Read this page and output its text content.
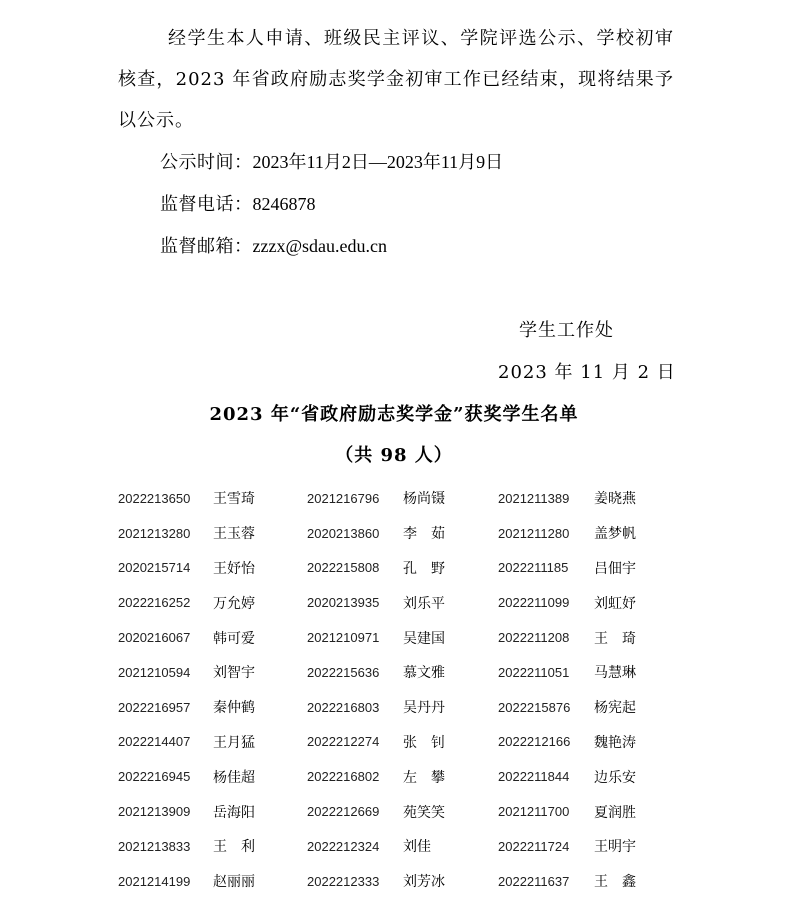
经学生本人申请、班级民主评议、学院评选公示、学校初审核查，2023 年省政府励志奖学金初审工作已经结束，现将结果予以公示。
公示时间：2023年11月2日—2023年11月9日
监督电话：8246878
监督邮箱：zzzx@sdau.edu.cn
学生工作处
2023 年 11 月 2 日
2023 年“省政府励志奖学金”获奖学生名单
（共 98 人）
2022213650	王雪琦	2021216796	杨尚镊	2021211389	姜晓燕
2021213280	王玉蓉	2020213860	李　茹	2021211280	盖梦帆
2020215714	王妤怡	2022215808	孔　野	2022211185	吕佃宇
2022216252	万允婷	2020213935	刘乐平	2022211099	刘虹妤
2020216067	韩可爱	2021210971	吴建国	2022211208	王　琦
2021210594	刘智宇	2022215636	慕文雅	2022211051	马慧琳
2022216957	秦仲鹤	2022216803	吴丹丹	2022215876	杨宪起
2022214407	王月猛	2022212274	张　钊	2022212166	魏艳涛
2022216945	杨佳超	2022216802	左　攀	2022211844	边乐安
2021213909	岳海阳	2022212669	苑笑笑	2021211700	夏润胜
2021213833	王　利	2022212324	刘佳	2022211724	王明宇
2021214199	赵丽丽	2022212333	刘芳冰	2022211637	王　鑫
